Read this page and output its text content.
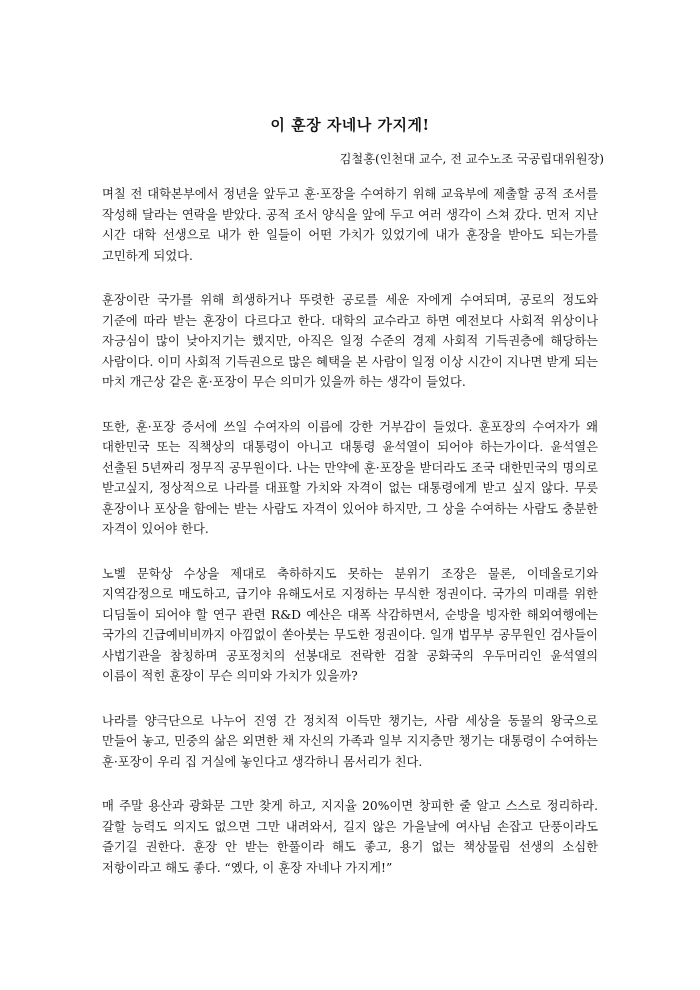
이 훈장 자네나 가지게!

김철홍(인천대 교수, 전 교수노조 국공립대위원장)

며칠 전 대학본부에서 정년을 앞두고 훈·포장을 수여하기 위해 교육부에 제출할 공적 조서를 작성해 달라는 연락을 받았다. 공적 조서 양식을 앞에 두고 여러 생각이 스쳐 갔다. 먼저 지난 시간 대학 선생으로 내가 한 일들이 어떤 가치가 있었기에 내가 훈장을 받아도 되는가를 고민하게 되었다.

훈장이란 국가를 위해 희생하거나 뚜렷한 공로를 세운 자에게 수여되며, 공로의 정도와 기준에 따라 받는 훈장이 다르다고 한다. 대학의 교수라고 하면 예전보다 사회적 위상이나 자긍심이 많이 낮아지기는 했지만, 아직은 일정 수준의 경제 사회적 기득권층에 해당하는 사람이다. 이미 사회적 기득권으로 많은 혜택을 본 사람이 일정 이상 시간이 지나면 받게 되는 마치 개근상 같은 훈·포장이 무슨 의미가 있을까 하는 생각이 들었다.

또한, 훈·포장 증서에 쓰일 수여자의 이름에 강한 거부감이 들었다. 훈포장의 수여자가 왜 대한민국 또는 직책상의 대통령이 아니고 대통령 윤석열이 되어야 하는가이다. 윤석열은 선출된 5년짜리 정무직 공무원이다. 나는 만약에 훈·포장을 받더라도 조국 대한민국의 명의로 받고싶지, 정상적으로 나라를 대표할 가치와 자격이 없는 대통령에게 받고 싶지 않다. 무릇 훈장이나 포상을 함에는 받는 사람도 자격이 있어야 하지만, 그 상을 수여하는 사람도 충분한 자격이 있어야 한다.

노벨 문학상 수상을 제대로 축하하지도 못하는 분위기 조장은 물론, 이데올로기와 지역감정으로 매도하고, 급기야 유해도서로 지정하는 무식한 정권이다. 국가의 미래를 위한 디딤돌이 되어야 할 연구 관련 R&D 예산은 대폭 삭감하면서, 순방을 빙자한 해외여행에는 국가의 긴급예비비까지 아낌없이 쏟아붓는 무도한 정권이다. 일개 법무부 공무원인 검사들이 사법기관을 참칭하며 공포정치의 선봉대로 전락한 검찰 공화국의 우두머리인 윤석열의 이름이 적힌 훈장이 무슨 의미와 가치가 있을까?

나라를 양극단으로 나누어 진영 간 정치적 이득만 챙기는, 사람 세상을 동물의 왕국으로 만들어 놓고, 민중의 삶은 외면한 채 자신의 가족과 일부 지지층만 챙기는 대통령이 수여하는 훈·포장이 우리 집 거실에 놓인다고 생각하니 몸서리가 친다.

매 주말 용산과 광화문 그만 찾게 하고, 지지율 20%이면 창피한 줄 알고 스스로 정리하라. 갈할 능력도 의지도 없으면 그만 내려와서, 길지 않은 가을날에 여사님 손잡고 단풍이라도 즐기길 권한다. 훈장 안 받는 한풀이라 해도 좋고, 용기 없는 책상물림 선생의 소심한 저항이라고 해도 좋다. “옜다, 이 훈장 자네나 가지게!”
